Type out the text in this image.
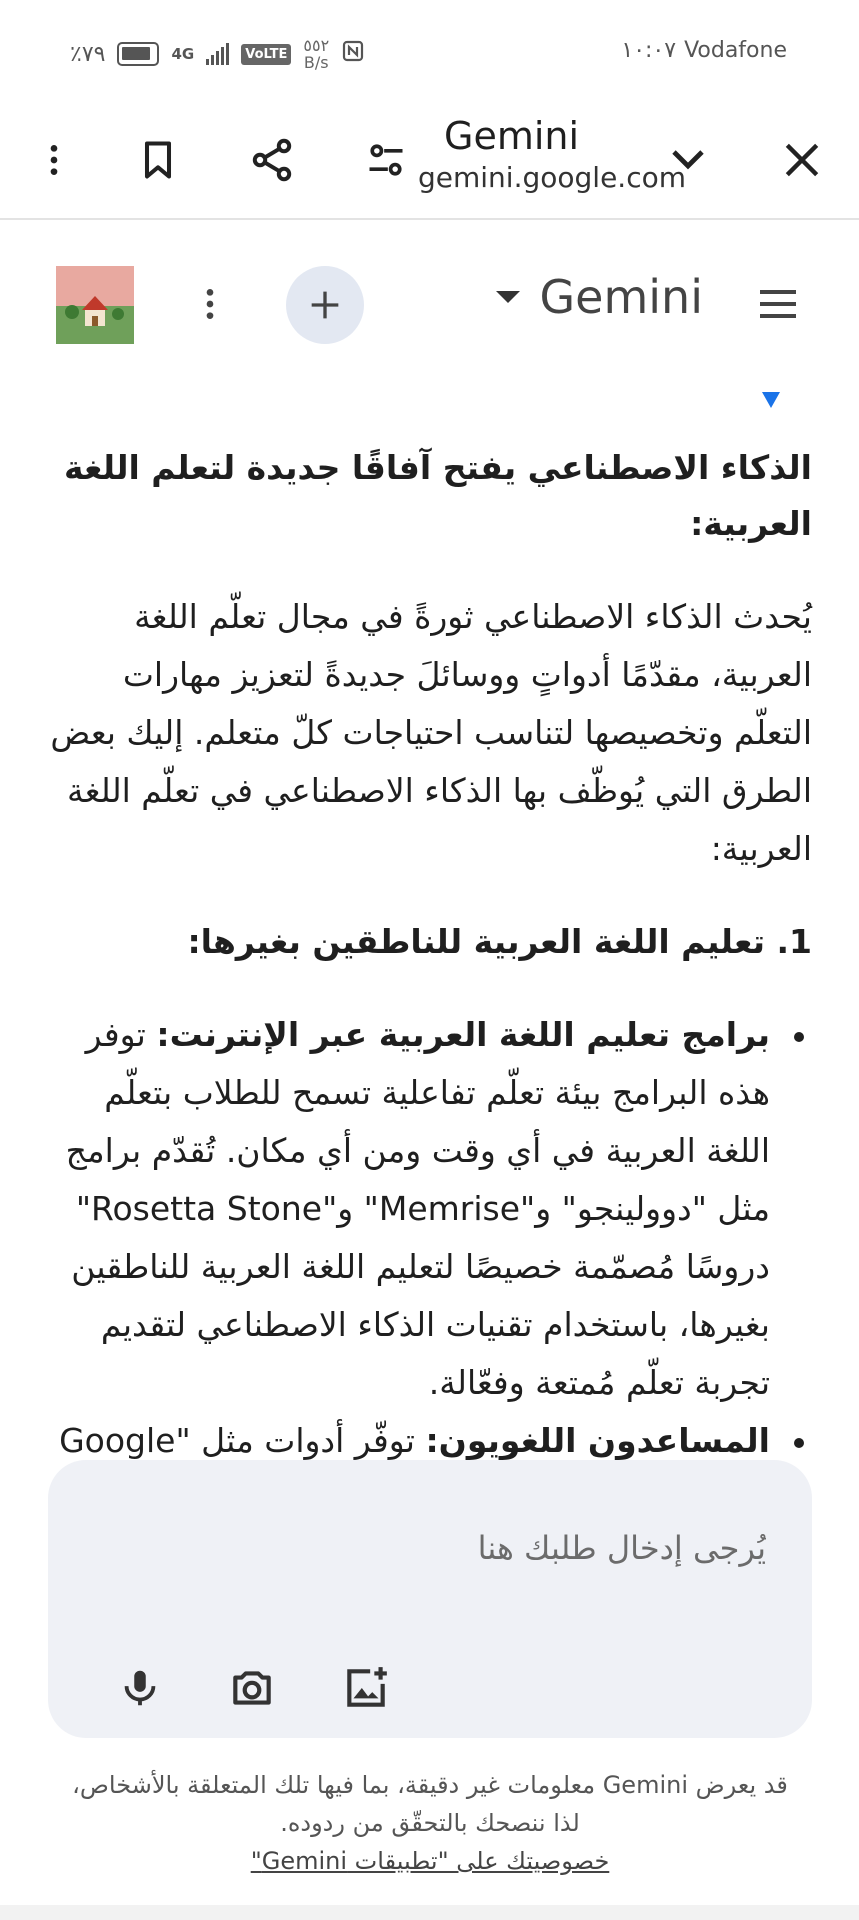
٪٧٩	4G	VoLTE ٥٥٢
B/s	١٠:٠٧ Vodafone
Gemini
gemini.google.com
Gemini
الذكاء الاصطناعي يفتح آفاقًا جديدة لتعلم اللغة العربية:

يُحدث الذكاء الاصطناعي ثورةً في مجال تعلّم اللغة العربية، مقدّمًا أدواتٍ ووسائلَ جديدةً لتعزيز مهارات التعلّم وتخصيصها لتناسب احتياجات كلّ متعلم. إليك بعض الطرق التي يُوظّف بها الذكاء الاصطناعي في تعلّم اللغة العربية:

1. تعليم اللغة العربية للناطقين بغيرها:
برامج تعليم اللغة العربية عبر الإنترنت: توفر هذه البرامج بيئة تعلّم تفاعلية تسمح للطلاب بتعلّم اللغة العربية في أي وقت ومن أي مكان. تُقدّم برامج مثل "دوولينجو" و"Memrise" و"Rosetta Stone" دروسًا مُصمّمة خصيصًا لتعليم اللغة العربية للناطقين بغيرها، باستخدام تقنيات الذكاء الاصطناعي لتقديم تجربة تعلّم مُمتعة وفعّالة.
المساعدون اللغويون: توفّر أدوات مثل "Google
يُرجى إدخال طلبك هنا
قد يعرض Gemini معلومات غير دقيقة، بما فيها تلك المتعلقة بالأشخاص، لذا ننصحك بالتحقّق من ردوده.
خصوصيتك على "تطبيقات Gemini"
